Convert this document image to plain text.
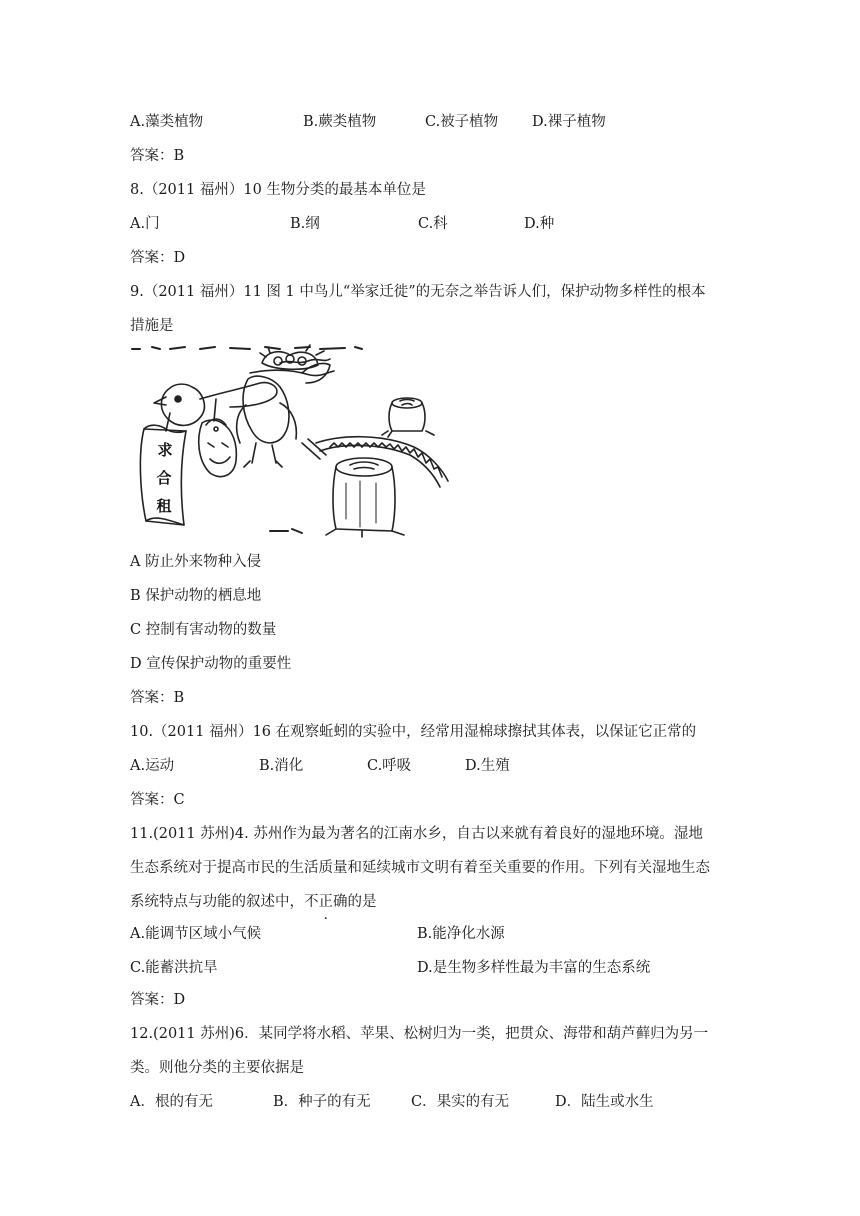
A.藻类植物	B.蕨类植物	C.被子植物 D.裸子植物
答案：B
8.（2011 福州）10 生物分类的最基本单位是
A.门	B.纲	C.科	D.种
答案：D
9.（2011 福州）11 图 1 中鸟儿“举家迁徙”的无奈之举告诉人们，保护动物多样性的根本
措施是
求
合
租
A 防止外来物种入侵
B 保护动物的栖息地
C 控制有害动物的数量
D 宣传保护动物的重要性
答案：B
10.（2011 福州）16 在观察蚯蚓的实验中，经常用湿棉球擦拭其体表，以保证它正常的
A.运动	B.消化	C.呼吸	D.生殖
答案：C
11.(2011 苏州)4. 苏州作为最为著名的江南水乡，自古以来就有着良好的湿地环境。湿地
生态系统对于提高市民的生活质量和延续城市文明有着至关重要的作用。下列有关湿地生态
系统特点与功能的叙述中，不正确的是
A.能调节区域小气候	B.能净化水源
C.能蓄洪抗旱	D.是生物多样性最为丰富的生态系统
答案：D
12.(2011 苏州)6．某同学将水稻、苹果、松树归为一类，把贯众、海带和葫芦藓归为另一
类。则他分类的主要依据是
A．根的有无	B．种子的有无	C．果实的有无	D．陆生或水生
